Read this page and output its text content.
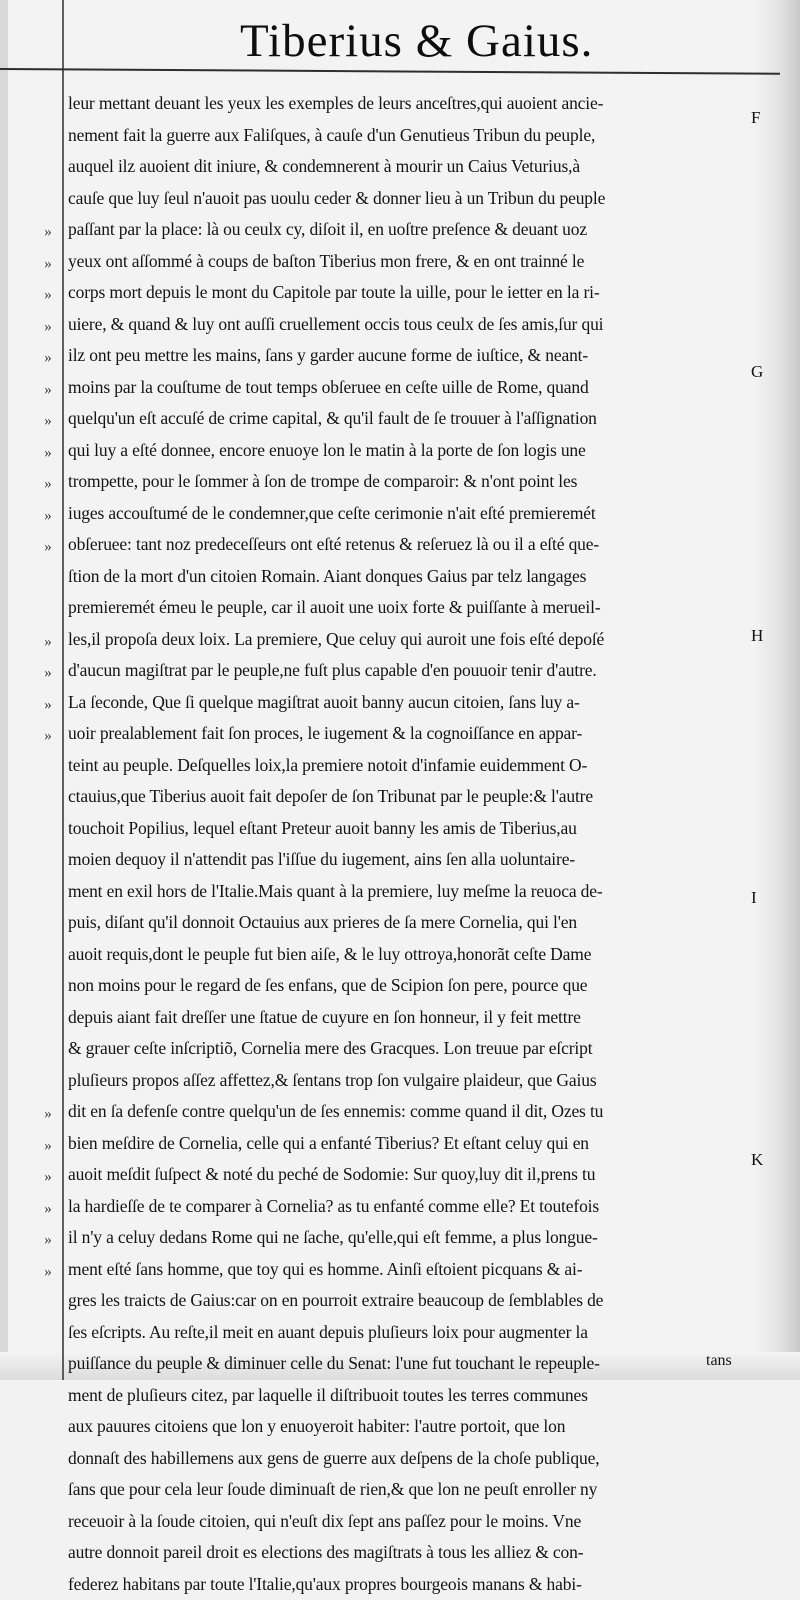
Tiberius & Gaius.
»
»
»
»
»
»
»
»
»
»
»
»
»
»
»
»
»
»
»
»
»
leur mettant deuant les yeux les exemples de leurs anceſtres,qui auoient ancie-
nement fait la guerre aux Faliſques, à cauſe d'un Genutieus Tribun du peuple,
auquel ilz auoient dit iniure, & condemnerent à mourir un Caius Veturius,à
cauſe que luy ſeul n'auoit pas uoulu ceder & donner lieu à un Tribun du peuple
paſſant par la place: là ou ceulx cy, diſoit il, en uoſtre preſence & deuant uoz
yeux ont aſſommé à coups de baſton Tiberius mon frere, & en ont trainné le
corps mort depuis le mont du Capitole par toute la uille, pour le ietter en la ri-
uiere, & quand & luy ont auſſi cruellement occis tous ceulx de ſes amis,ſur qui
ilz ont peu mettre les mains, ſans y garder aucune forme de iuſtice, & neant-
moins par la couſtume de tout temps obſeruee en ceſte uille de Rome, quand
quelqu'un eſt accuſé de crime capital, & qu'il fault de ſe trouuer à l'aſſignation
qui luy a eſté donnee, encore enuoye lon le matin à la porte de ſon logis une
trompette, pour le ſommer à ſon de trompe de comparoir: & n'ont point les
iuges accouſtumé de le condemner,que ceſte cerimonie n'ait eſté premieremét
obſeruee: tant noz predeceſſeurs ont eſté retenus & reſeruez là ou il a eſté que-
ſtion de la mort d'un citoien Romain. Aiant donques Gaius par telz langages
premieremét émeu le peuple, car il auoit une uoix forte & puiſſante à merueil-
les,il propoſa deux loix. La premiere, Que celuy qui auroit une fois eſté depoſé
d'aucun magiſtrat par le peuple,ne fuſt plus capable d'en pouuoir tenir d'autre.
La ſeconde, Que ſi quelque magiſtrat auoit banny aucun citoien, ſans luy a-
uoir prealablement fait ſon proces, le iugement & la cognoiſſance en appar-
teint au peuple. Deſquelles loix,la premiere notoit d'infamie euidemment O-
ctauius,que Tiberius auoit fait depoſer de ſon Tribunat par le peuple:& l'autre
touchoit Popilius, lequel eſtant Preteur auoit banny les amis de Tiberius,au
moien dequoy il n'attendit pas l'iſſue du iugement, ains ſen alla uoluntaire-
ment en exil hors de l'Italie.Mais quant à la premiere, luy meſme la reuoca de-
puis, diſant qu'il donnoit Octauius aux prieres de ſa mere Cornelia, qui l'en
auoit requis,dont le peuple fut bien aiſe, & le luy ottroya,honorãt ceſte Dame
non moins pour le regard de ſes enfans, que de Scipion ſon pere, pource que
depuis aiant fait dreſſer une ſtatue de cuyure en ſon honneur, il y feit mettre
& grauer ceſte inſcriptiõ, Cornelia mere des Gracques. Lon treuue par eſcript
pluſieurs propos aſſez affettez,& ſentans trop ſon vulgaire plaideur, que Gaius
dit en ſa defenſe contre quelqu'un de ſes ennemis: comme quand il dit, Ozes tu
bien meſdire de Cornelia, celle qui a enfanté Tiberius? Et eſtant celuy qui en
auoit meſdit ſuſpect & noté du peché de Sodomie: Sur quoy,luy dit il,prens tu
la hardieſſe de te comparer à Cornelia? as tu enfanté comme elle? Et toutefois
il n'y a celuy dedans Rome qui ne ſache, qu'elle,qui eſt femme, a plus longue-
ment eſté ſans homme, que toy qui es homme. Ainſi eſtoient picquans & ai-
gres les traicts de Gaius:car on en pourroit extraire beaucoup de ſemblables de
ſes eſcripts. Au reſte,il meit en auant depuis pluſieurs loix pour augmenter la
puiſſance du peuple & diminuer celle du Senat: l'une fut touchant le repeuple-
ment de pluſieurs citez, par laquelle il diſtribuoit toutes les terres communes
aux pauures citoiens que lon y enuoyeroit habiter: l'autre portoit, que lon
donnaſt des habillemens aux gens de guerre aux deſpens de la choſe publique,
ſans que pour cela leur ſoude diminuaſt de rien,& que lon ne peuſt enroller ny
receuoir à la ſoude citoien, qui n'euſt dix ſept ans paſſez pour le moins. Vne
autre donnoit pareil droit es elections des magiſtrats à tous les alliez & con-
federez habitans par toute l'Italie,qu'aux propres bourgeois manans & habi-
F
G
H
I
K
tans
